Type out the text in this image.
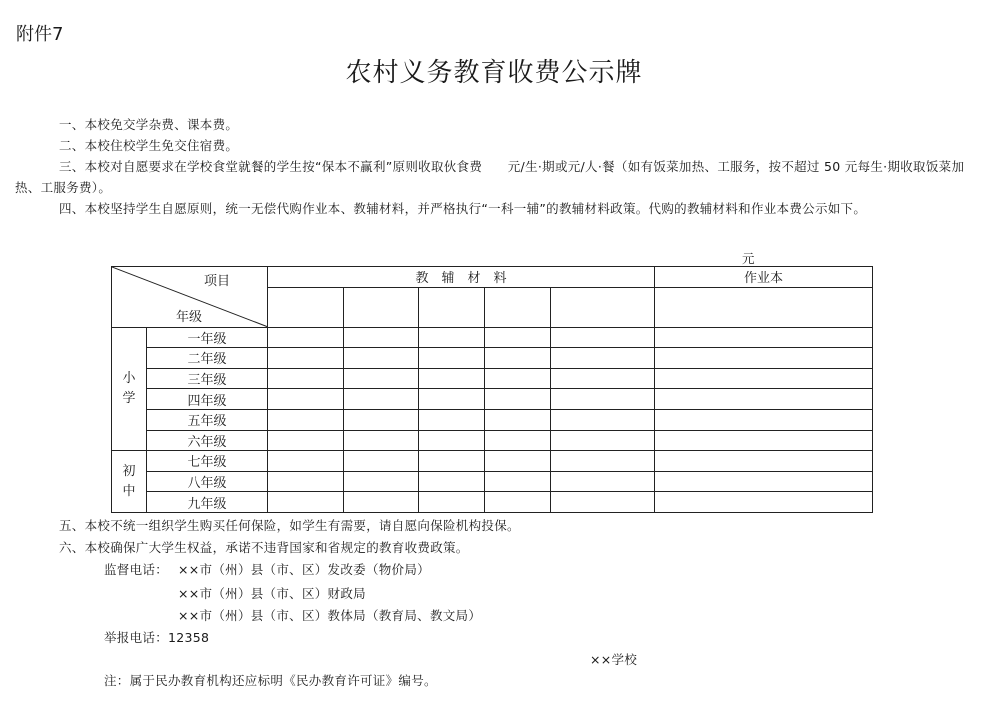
附件7
农村义务教育收费公示牌
一、本校免交学杂费、课本费。
二、本校住校学生免交住宿费。
三、本校对自愿要求在学校食堂就餐的学生按“保本不赢利”原则收取伙食费　　元/生·期或元/人·餐（如有饭菜加热、工服务，按不超过 50 元每生·期收取饭菜加热、工服务费）。
四、本校坚持学生自愿原则，统一无偿代购作业本、教辅材料，并严格执行“一科一辅”的教辅材料政策。代购的教辅材料和作业本费公示如下。
元
项目
年级		教　辅　材　料					作业本

小
学	一年级						
	二年级						
	三年级						
	四年级						
	五年级						
	六年级						

初
中	七年级						
	八年级						
	九年级						
五、本校不统一组织学生购买任何保险，如学生有需要，请自愿向保险机构投保。
六、本校确保广大学生权益，承诺不违背国家和省规定的教育收费政策。
监督电话： ××市（州）县（市、区）发改委（物价局）
××市（州）县（市、区）财政局
××市（州）县（市、区）教体局（教育局、教文局）
举报电话：12358
××学校
注：属于民办教育机构还应标明《民办教育许可证》编号。
